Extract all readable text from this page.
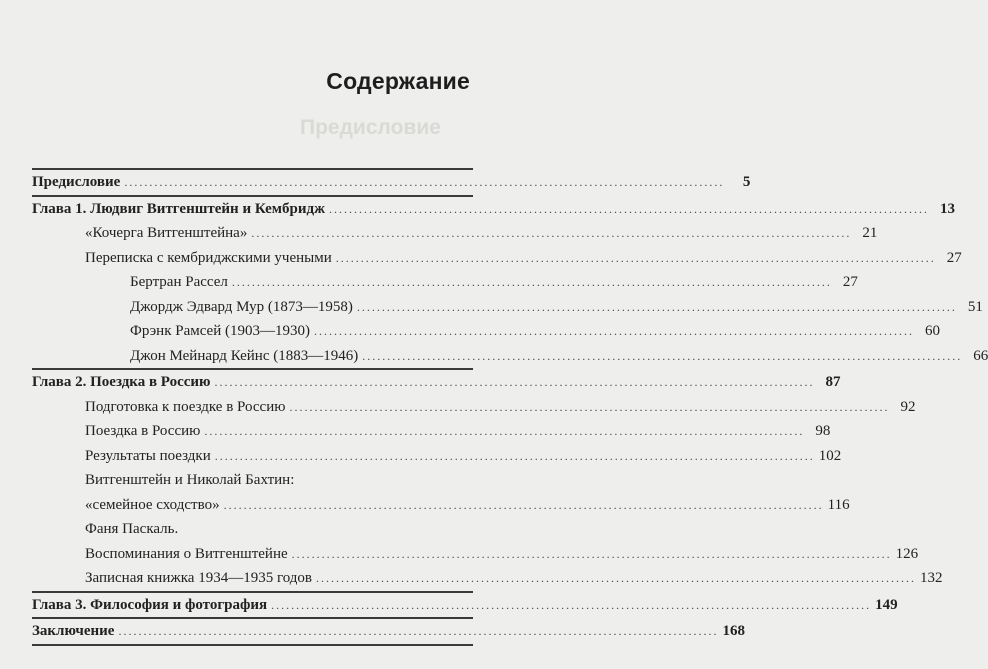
Предисловие
Содержание
Предисловие ........................................................................................................................	5
Глава 1. Людвиг Витгенштейн и Кембридж ........................................................................................................................ 13
«Кочерга Витгенштейна» ........................................................................................................................ 21
Переписка с кембриджскими учеными ........................................................................................................................ 27
Бертран Рассел ........................................................................................................................ 27
Джордж Эдвард Мур (1873—1958) ........................................................................................................................ 51
Фрэнк Рамсей (1903—1930) ........................................................................................................................ 60
Джон Мейнард Кейнс (1883—1946) ........................................................................................................................ 66
Глава 2. Поездка в Россию ........................................................................................................................ 87
Подготовка к поездке в Россию ........................................................................................................................ 92
Поездка в Россию ........................................................................................................................ 98
Результаты поездки ........................................................................................................................ 102
Витгенштейн и Николай Бахтин:
«семейное сходство» ........................................................................................................................ 116
Фаня Паскаль.
Воспоминания о Витгенштейне ........................................................................................................................ 126
Записная книжка 1934—1935 годов ........................................................................................................................ 132
Глава 3. Философия и фотография ........................................................................................................................ 149
Заключение ........................................................................................................................ 168
